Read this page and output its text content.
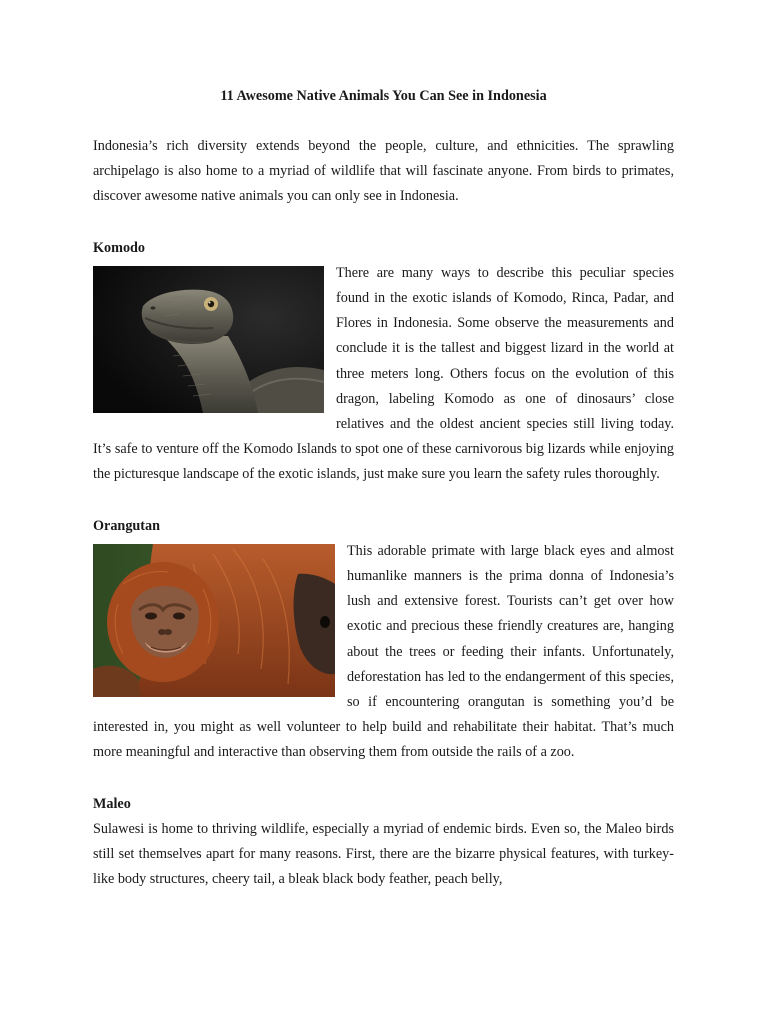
11 Awesome Native Animals You Can See in Indonesia

Indonesia’s rich diversity extends beyond the people, culture, and ethnicities. The sprawling archipelago is also home to a myriad of wildlife that will fascinate anyone. From birds to primates, discover awesome native animals you can only see in Indonesia.

Komodo

There are many ways to describe this peculiar species found in the exotic islands of Komodo, Rinca, Padar, and Flores in Indonesia. Some observe the measurements and conclude it is the tallest and biggest lizard in the world at three meters long. Others focus on the evolution of this dragon, labeling Komodo as one of dinosaurs’ close relatives and the oldest ancient species still living today. It’s safe to venture off the Komodo Islands to spot one of these carnivorous big lizards while enjoying the picturesque landscape of the exotic islands, just make sure you learn the safety rules thoroughly.

Orangutan

This adorable primate with large black eyes and almost humanlike manners is the prima donna of Indonesia’s lush and extensive forest. Tourists can’t get over how exotic and precious these friendly creatures are, hanging about the trees or feeding their infants. Unfortunately, deforestation has led to the endangerment of this species, so if encountering orangutan is something you’d be interested in, you might as well volunteer to help build and rehabilitate their habitat. That’s much more meaningful and interactive than observing them from outside the rails of a zoo.

Maleo

Sulawesi is home to thriving wildlife, especially a myriad of endemic birds. Even so, the Maleo birds still set themselves apart for many reasons. First, there are the bizarre physical features, with turkey-like body structures, cheery tail, a bleak black body feather, peach belly,
